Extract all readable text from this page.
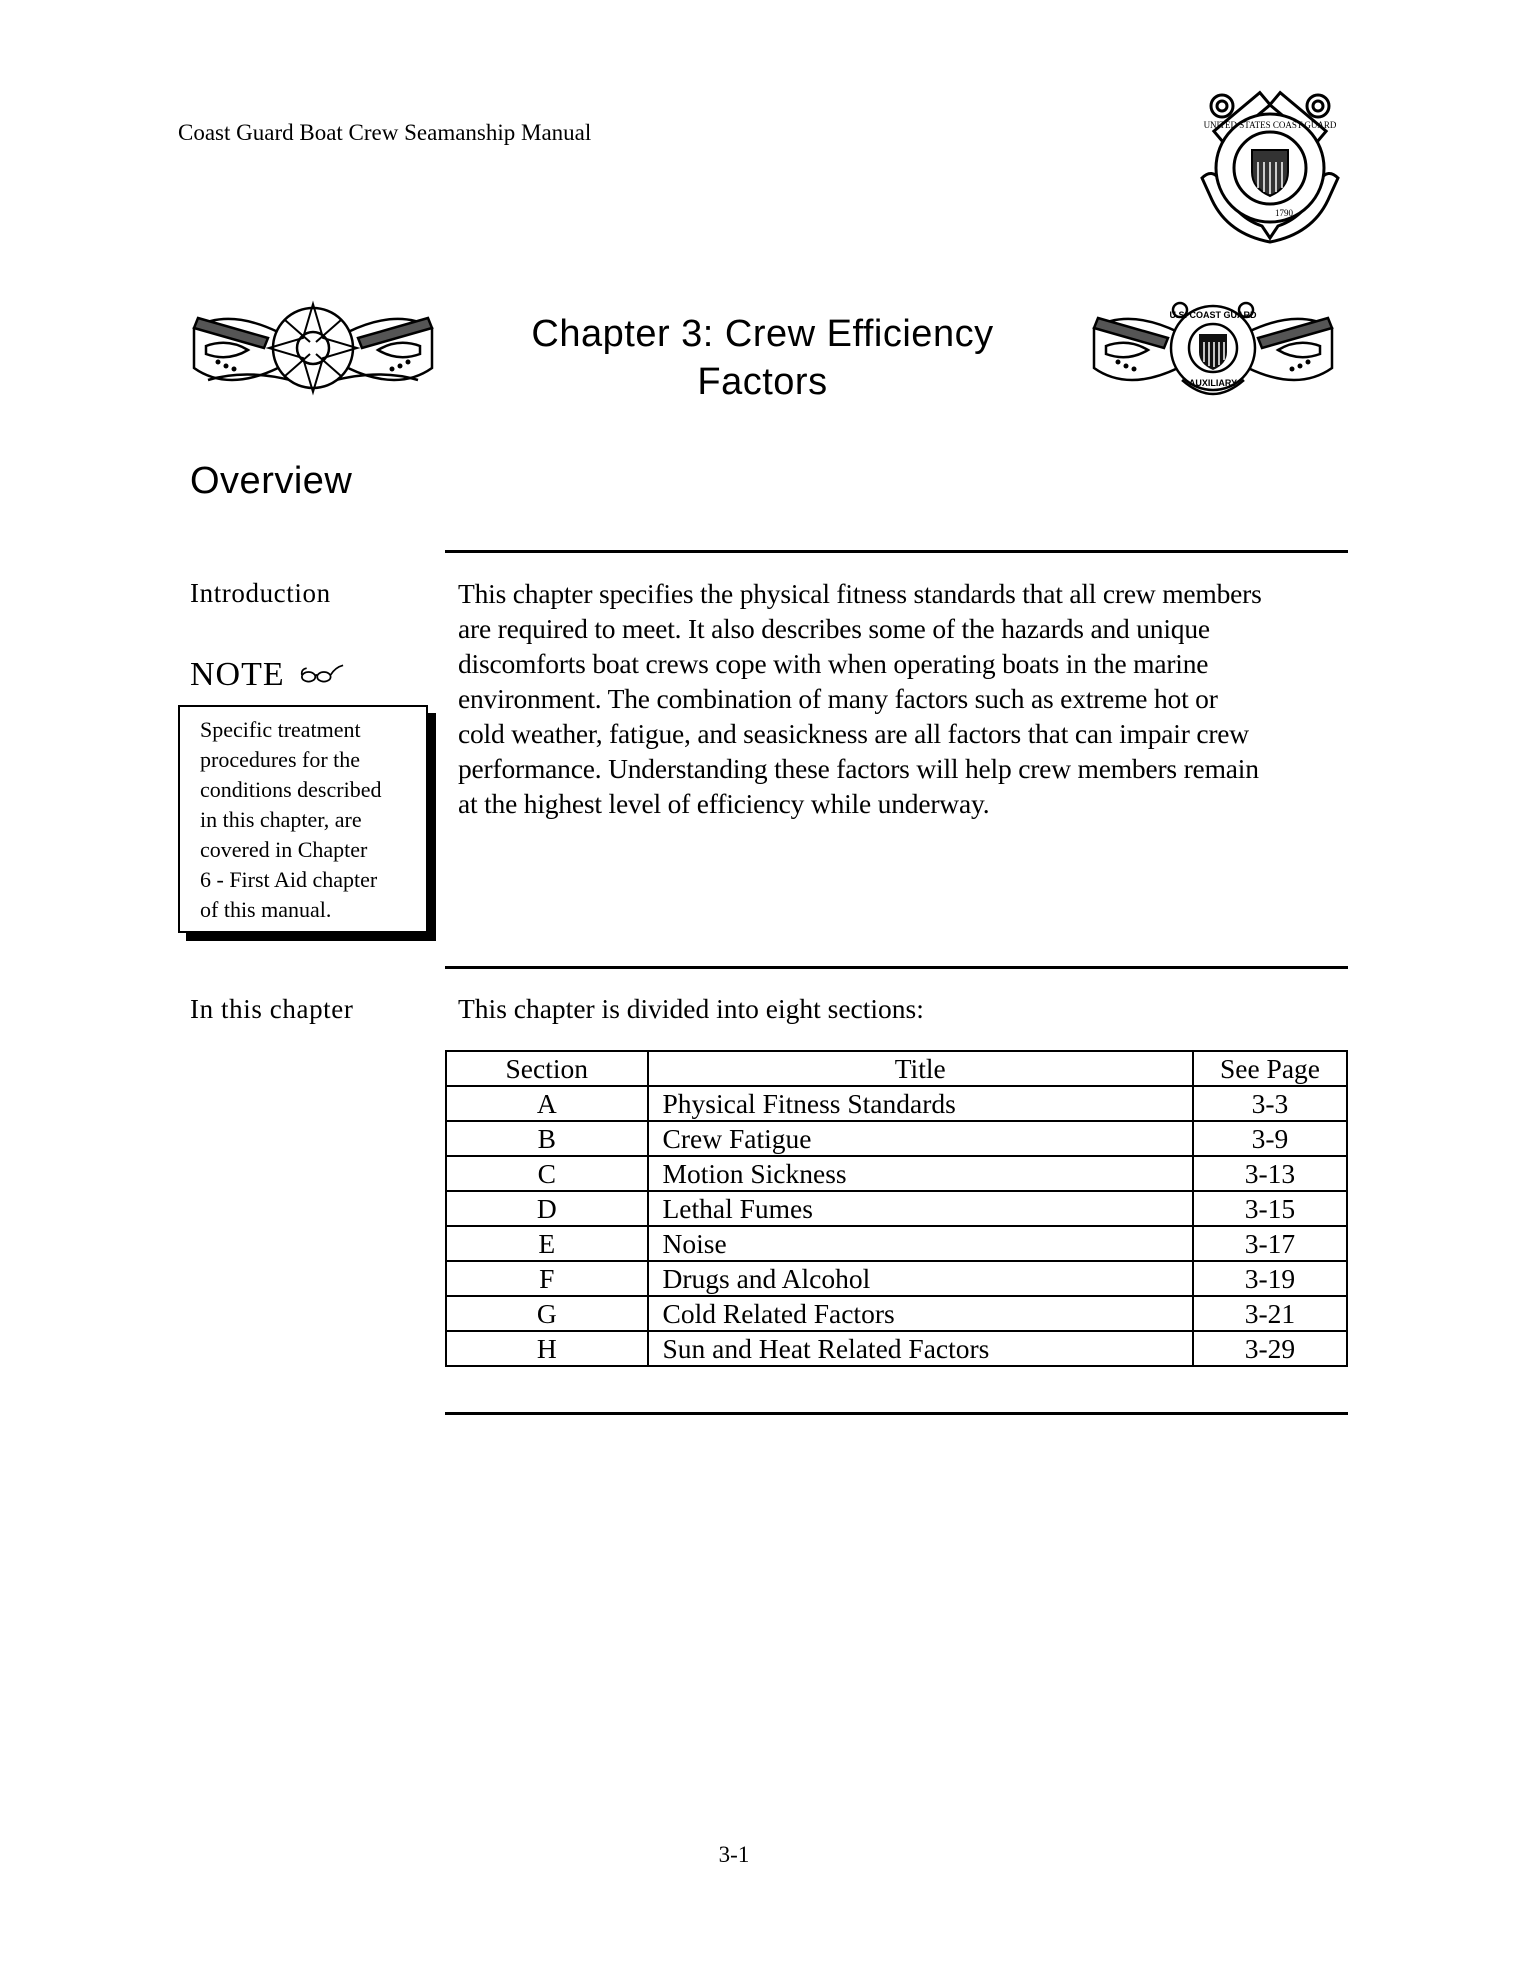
Coast Guard Boat Crew Seamanship Manual	UNITED STATES COAST GUARD
1790
Chapter 3: Crew Efficiency
Factors
U.S. COAST GUARD
AUXILIARY
Overview
Introduction	This chapter specifies the physical fitness standards that all crew members
are required to meet. It also describes some of the hazards and unique
discomforts boat crews cope with when operating boats in the marine
environment. The combination of many factors such as extreme hot or
cold weather, fatigue, and seasickness are all factors that can impair crew
performance. Understanding these factors will help crew members remain
at the highest level of efficiency while underway.
NOTE

Specific treatment

procedures for the

conditions described

in this chapter, are

covered in Chapter

6 - First Aid chapter

of this manual.

In this chapter	This chapter is divided into eight sections:
Section	Title	See Page
A	Physical Fitness Standards	3-3
B	Crew Fatigue	3-9
C	Motion Sickness	3-13
D	Lethal Fumes	3-15
E	Noise	3-17
F	Drugs and Alcohol	3-19
G	Cold Related Factors	3-21
H	Sun and Heat Related Factors	3-29
3-1
